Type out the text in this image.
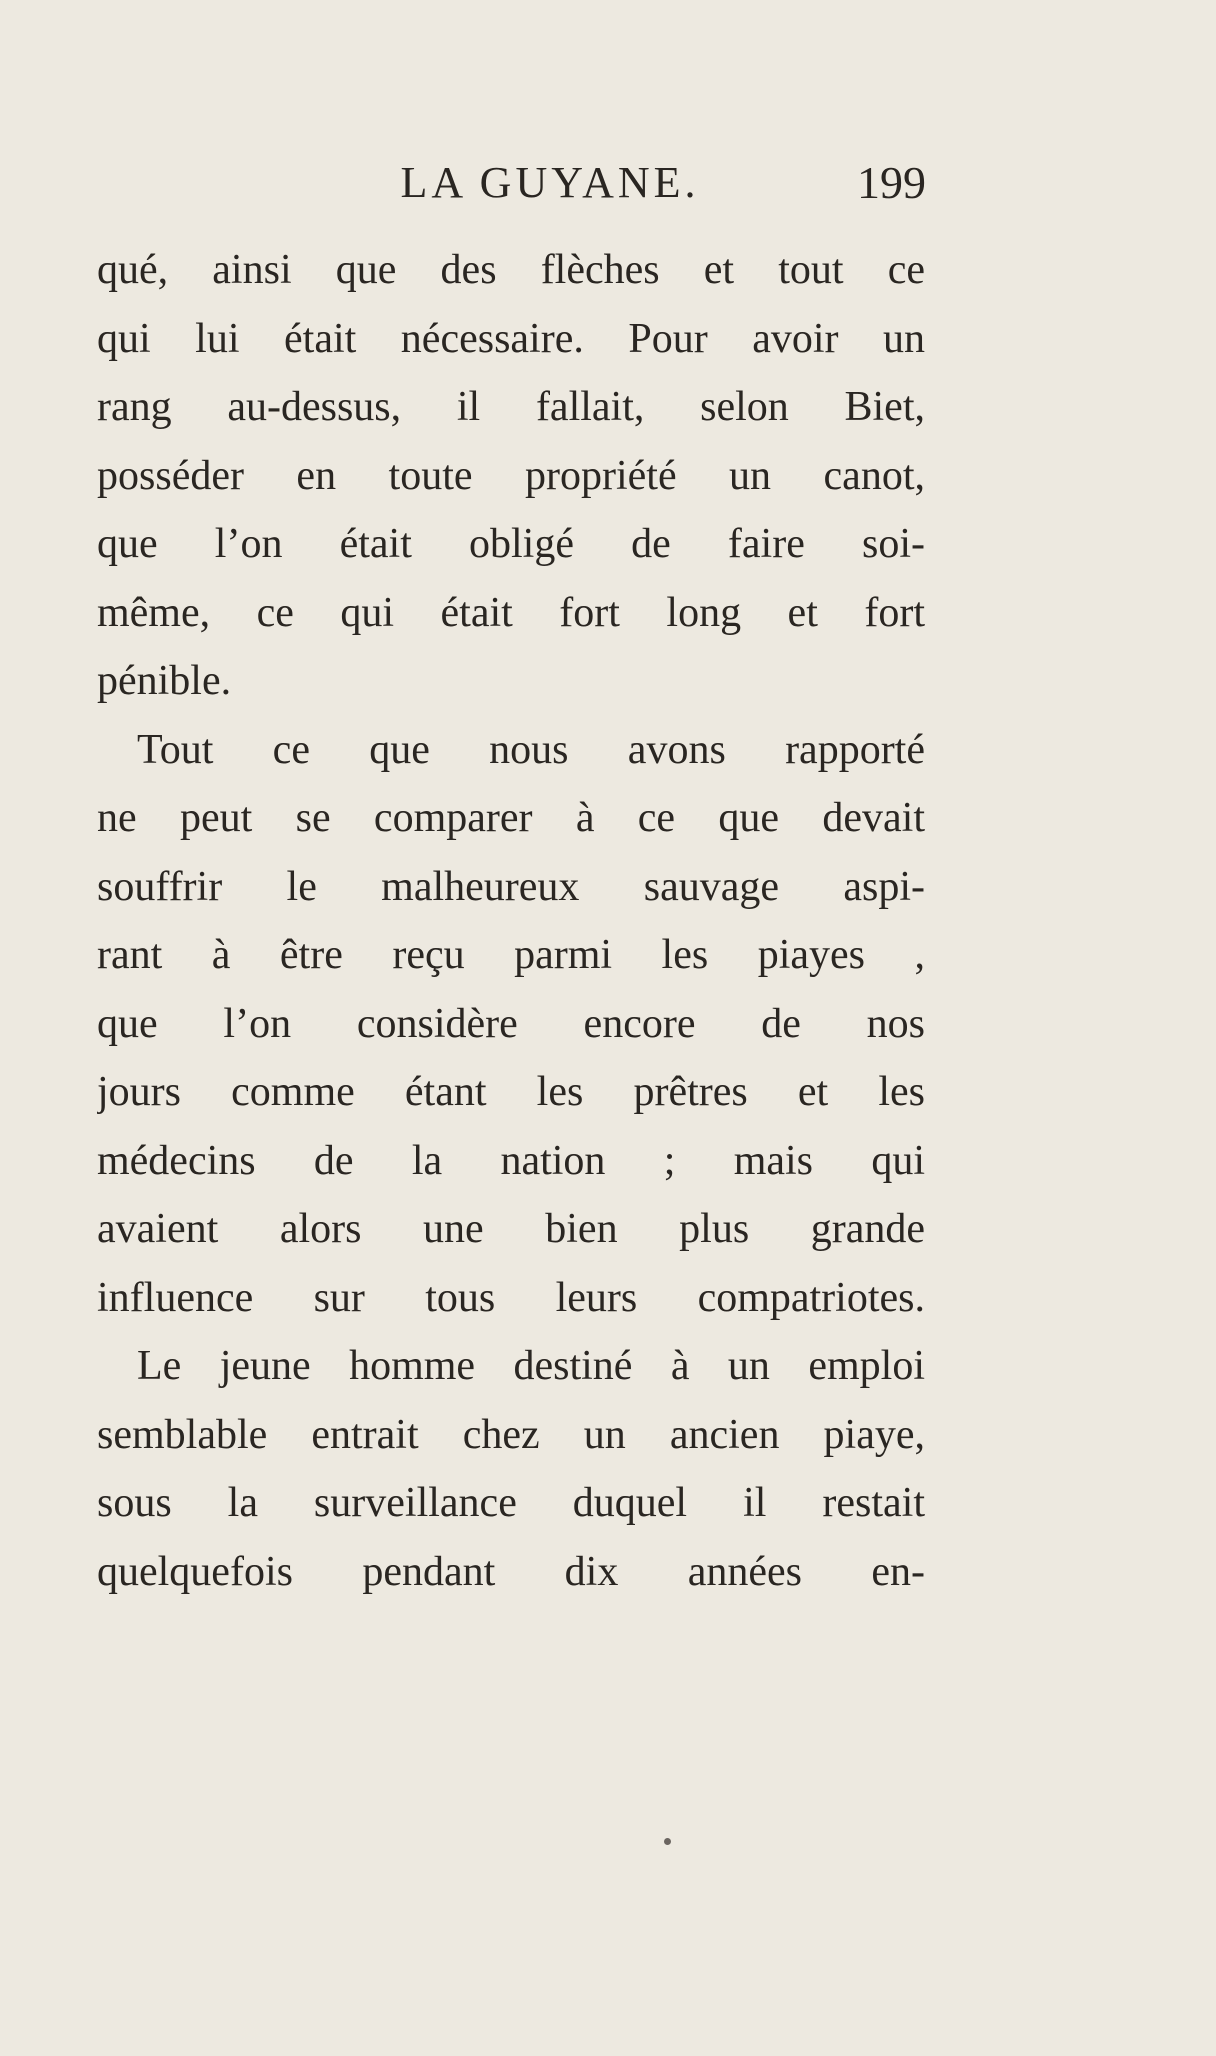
LA GUYANE.	199
qué, ainsi que des flèches et tout ce
qui lui était nécessaire. Pour avoir un
rang au-dessus, il fallait, selon Biet,
posséder en toute propriété un canot,
que l’on était obligé de faire soi-
même, ce qui était fort long et fort
pénible.
Tout ce que nous avons rapporté
ne peut se comparer à ce que devait
souffrir le malheureux sauvage aspi-
rant à être reçu parmi les piayes ,
que l’on considère encore de nos
jours comme étant les prêtres et les
médecins de la nation ; mais qui
avaient alors une bien plus grande
influence sur tous leurs compatriotes.
Le jeune homme destiné à un emploi
semblable entrait chez un ancien piaye,
sous la surveillance duquel il restait
quelquefois pendant dix années en-
